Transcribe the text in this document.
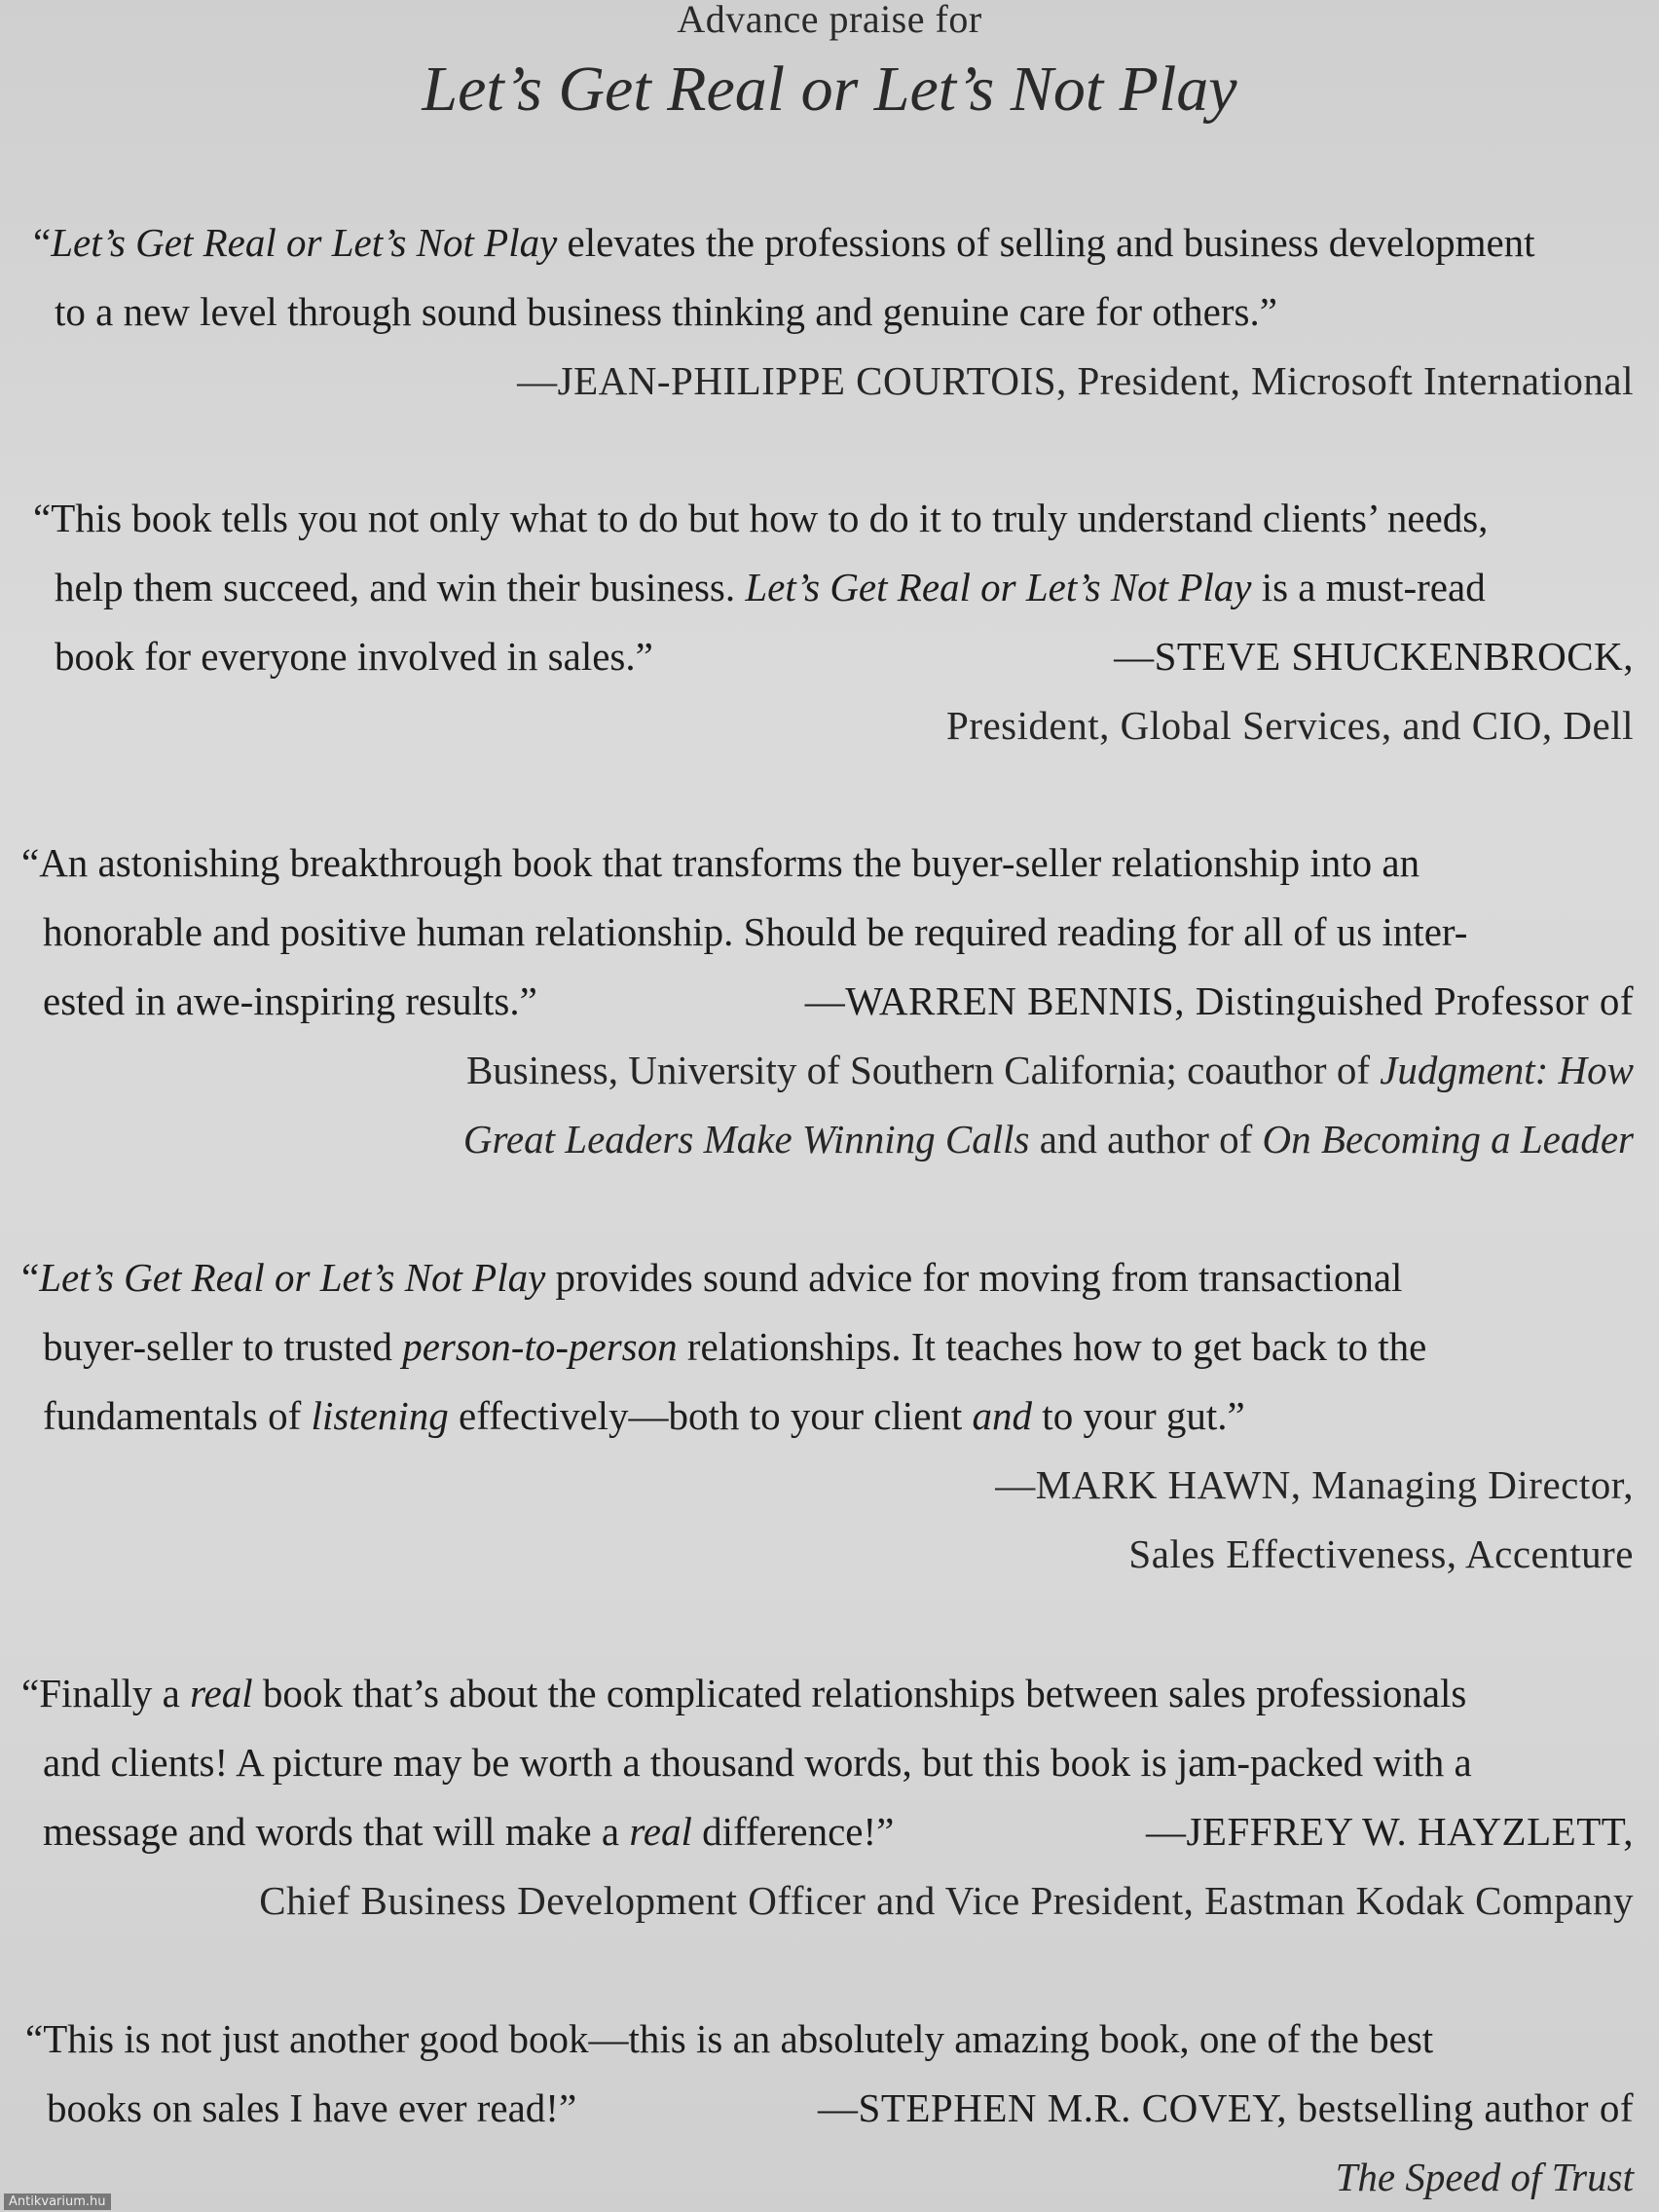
Advance praise for
Let’s Get Real or Let’s Not Play
“Let’s Get Real or Let’s Not Play elevates the professions of selling and business development
to a new level through sound business thinking and genuine care for others.”
—JEAN-PHILIPPE COURTOIS, President, Microsoft International
“This book tells you not only what to do but how to do it to truly understand clients’ needs,
help them succeed, and win their business. Let’s Get Real or Let’s Not Play is a must-read
book for everyone involved in sales.”	—STEVE SHUCKENBROCK,
President, Global Services, and CIO, Dell
“An astonishing breakthrough book that transforms the buyer-seller relationship into an
honorable and positive human relationship. Should be required reading for all of us inter-
ested in awe-inspiring results.”	—WARREN BENNIS, Distinguished Professor of
Business, University of Southern California; coauthor of Judgment: How
Great Leaders Make Winning Calls and author of On Becoming a Leader
“Let’s Get Real or Let’s Not Play provides sound advice for moving from transactional
buyer-seller to trusted person-to-person relationships. It teaches how to get back to the
fundamentals of listening effectively—both to your client and to your gut.”
—MARK HAWN, Managing Director,
Sales Effectiveness, Accenture
“Finally a real book that’s about the complicated relationships between sales professionals
and clients! A picture may be worth a thousand words, but this book is jam-packed with a
message and words that will make a real difference!”	—JEFFREY W. HAYZLETT,
Chief Business Development Officer and Vice President, Eastman Kodak Company
“This is not just another good book—this is an absolutely amazing book, one of the best
books on sales I have ever read!”	—STEPHEN M.R. COVEY, bestselling author of
The Speed of Trust
Antikvarium.hu
